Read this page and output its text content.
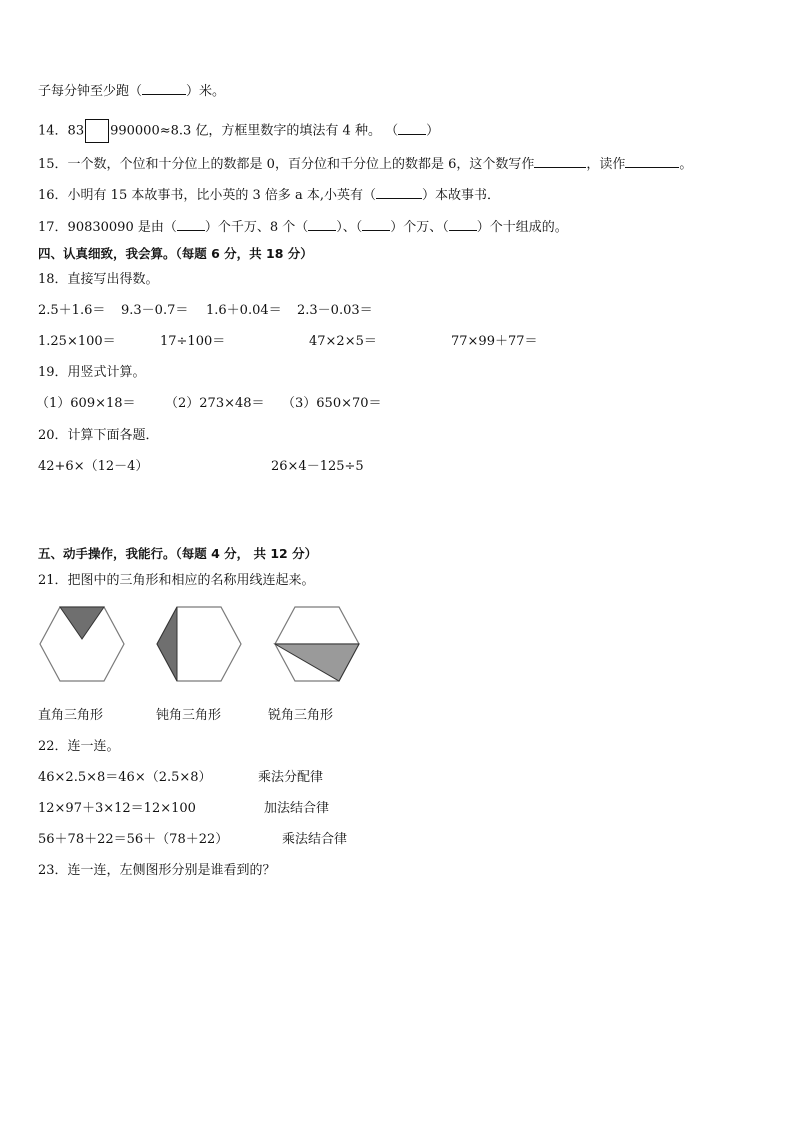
子每分钟至少跑（	）米。
14．83 990000≈8.3 亿，方框里数字的填法有 4 种。 （ ）
15．一个数，个位和十分位上的数都是 0，百分位和千分位上的数都是 6，这个数写作	，读作	。
16．小明有 15 本故事书，比小英的 3 倍多 a 本,小英有（	）本故事书．
17．90830090 是由（ ）个千万、8 个（ ）、（ ）个万、（ ）个十组成的。
四、认真细致，我会算。（每题 6 分，共 18 分）
18．直接写出得数。
2.5＋1.6＝ 9.3－0.7＝ 1.6＋0.04＝ 2.3－0.03＝
1.25×100＝	17÷100＝	47×2×5＝	77×99＋77＝
19．用竖式计算。
（1）609×18＝ （2）273×48＝ （3）650×70＝
20．计算下面各题．
42+6×（12－4）	26×4－125÷5
五、动手操作，我能行。（每题 4 分， 共 12 分）
21．把图中的三角形和相应的名称用线连起来。
直角三角形	钝角三角形	锐角三角形
22．连一连。
46×2.5×8＝46×（2.5×8）	乘法分配律
12×97＋3×12＝12×100	加法结合律
56＋78＋22＝56＋（78＋22）	乘法结合律
23．连一连，左侧图形分别是谁看到的？
